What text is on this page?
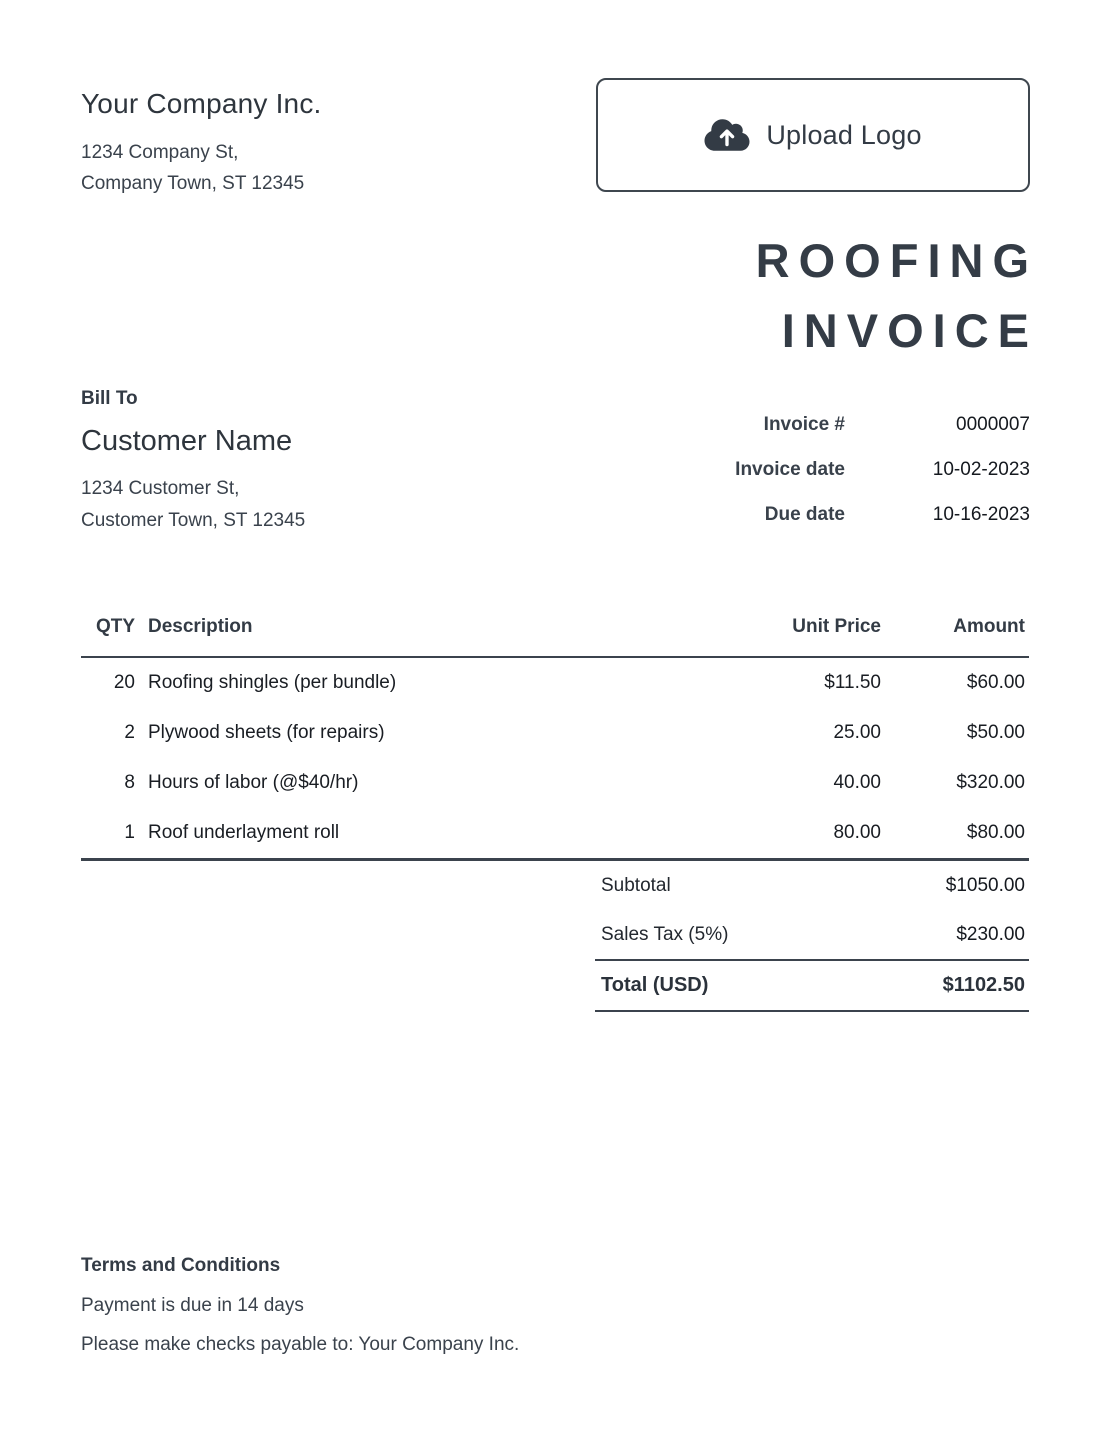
Your Company Inc.
1234 Company St,
Company Town, ST 12345
Upload Logo
ROOFING
INVOICE
Bill To
Customer Name
1234 Customer St,
Customer Town, ST 12345
Invoice #	0000007
Invoice date	10-02-2023
Due date	10-16-2023
QTY Description	Unit Price	Amount
20 Roofing shingles (per bundle)	$11.50	$60.00
2 Plywood sheets (for repairs)	25.00	$50.00
8 Hours of labor (@$40/hr)	40.00	$320.00
1 Roof underlayment roll	80.00	$80.00
Subtotal	$1050.00
Sales Tax (5%)	$230.00
Total (USD)	$1102.50
Terms and Conditions
Payment is due in 14 days
Please make checks payable to: Your Company Inc.
